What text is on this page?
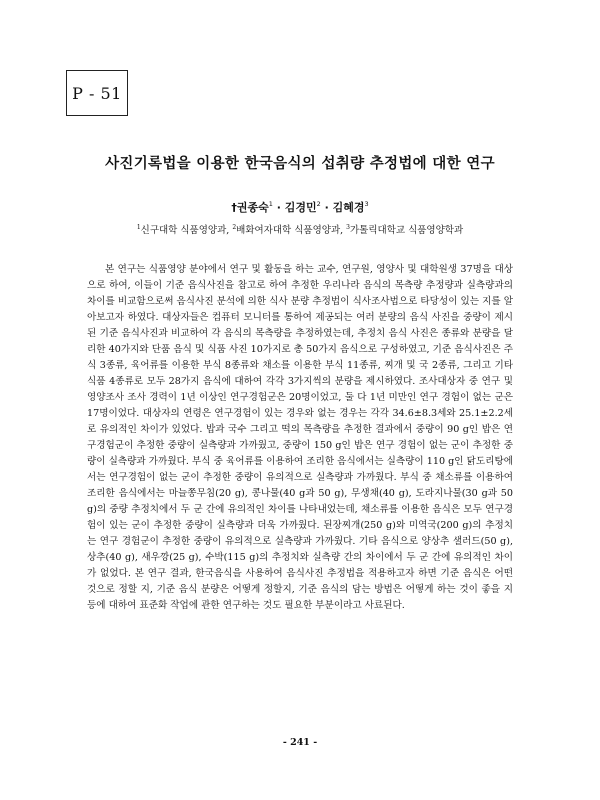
P - 51
사진기록법을 이용한 한국음식의 섭취량 추정법에 대한 연구
†권종숙$^1$ · 김경민$^2$ · 김혜경$^3$
$^1$신구대학 식품영양과, $^2$배화여자대학 식품영양과, $^3$가톨릭대학교 식품영양학과

본 연구는 식품영양 분야에서 연구 및 활동을 하는 교수, 연구원, 영양사 및 대학원생 37명을 대상으로 하여, 이들이 기준 음식사진을 참고로 하여 추정한 우리나라 음식의 목측량 추정량과 실측량과의 차이를 비교함으로써 음식사진 분석에 의한 식사 분량 추정법이 식사조사법으로 타당성이 있는 지를 알아보고자 하였다. 대상자들은 컴퓨터 모니터를 통하여 제공되는 여러 분량의 음식 사진을 중량이 제시된 기준 음식사진과 비교하여 각 음식의 목측량을 추정하였는데, 추정치 음식 사진은 종류와 분량을 달리한 40가지와 단품 음식 및 식품 사진 10가지로 총 50가지 음식으로 구성하였고, 기준 음식사진은 주식 3종류, 육어류를 이용한 부식 8종류와 채소를 이용한 부식 11종류, 찌개 및 국 2종류, 그리고 기타 식품 4종류로 모두 28가지 음식에 대하여 각각 3가지씩의 분량을 제시하였다. 조사대상자 중 연구 및 영양조사 조사 경력이 1년 이상인 연구경험군은 20명이었고, 둘 다 1년 미만인 연구 경험이 없는 군은 17명이었다. 대상자의 연령은 연구경험이 있는 경우와 없는 경우는 각각 34.6±8.3세와 25.1±2.2세로 유의적인 차이가 있었다. 밥과 국수 그리고 떡의 목측량을 추정한 결과에서 중량이 90 g인 밥은 연구경험군이 추정한 중량이 실측량과 가까웠고, 중량이 150 g인 밥은 연구 경험이 없는 군이 추정한 중량이 실측량과 가까웠다. 부식 중 육어류를 이용하여 조리한 음식에서는 실측량이 110 g인 닭도리탕에서는 연구경험이 없는 군이 추정한 중량이 유의적으로 실측량과 가까웠다. 부식 중 채소류를 이용하여 조리한 음식에서는 마늘쫑무침(20 g), 콩나물(40 g과 50 g), 무생채(40 g), 도라지나물(30 g과 50 g)의 중량 추정치에서 두 군 간에 유의적인 차이를 나타내었는데, 채소류를 이용한 음식은 모두 연구경험이 있는 군이 추정한 중량이 실측량과 더욱 가까웠다. 된장찌개(250 g)와 미역국(200 g)의 추정치는 연구 경험군이 추정한 중량이 유의적으로 실측량과 가까웠다. 기타 음식으로 양상추 샐러드(50 g), 상추(40 g), 새우깡(25 g), 수박(115 g)의 추정치와 실측량 간의 차이에서 두 군 간에 유의적인 차이가 없었다. 본 연구 결과, 한국음식을 사용하여 음식사진 추정법을 적용하고자 하면 기준 음식은 어떤 것으로 정할 지, 기준 음식 분량은 어떻게 정할지, 기준 음식의 담는 방법은 어떻게 하는 것이 좋을 지 등에 대하여 표준화 작업에 관한 연구하는 것도 필요한 부분이라고 사료된다.

- 241 -
